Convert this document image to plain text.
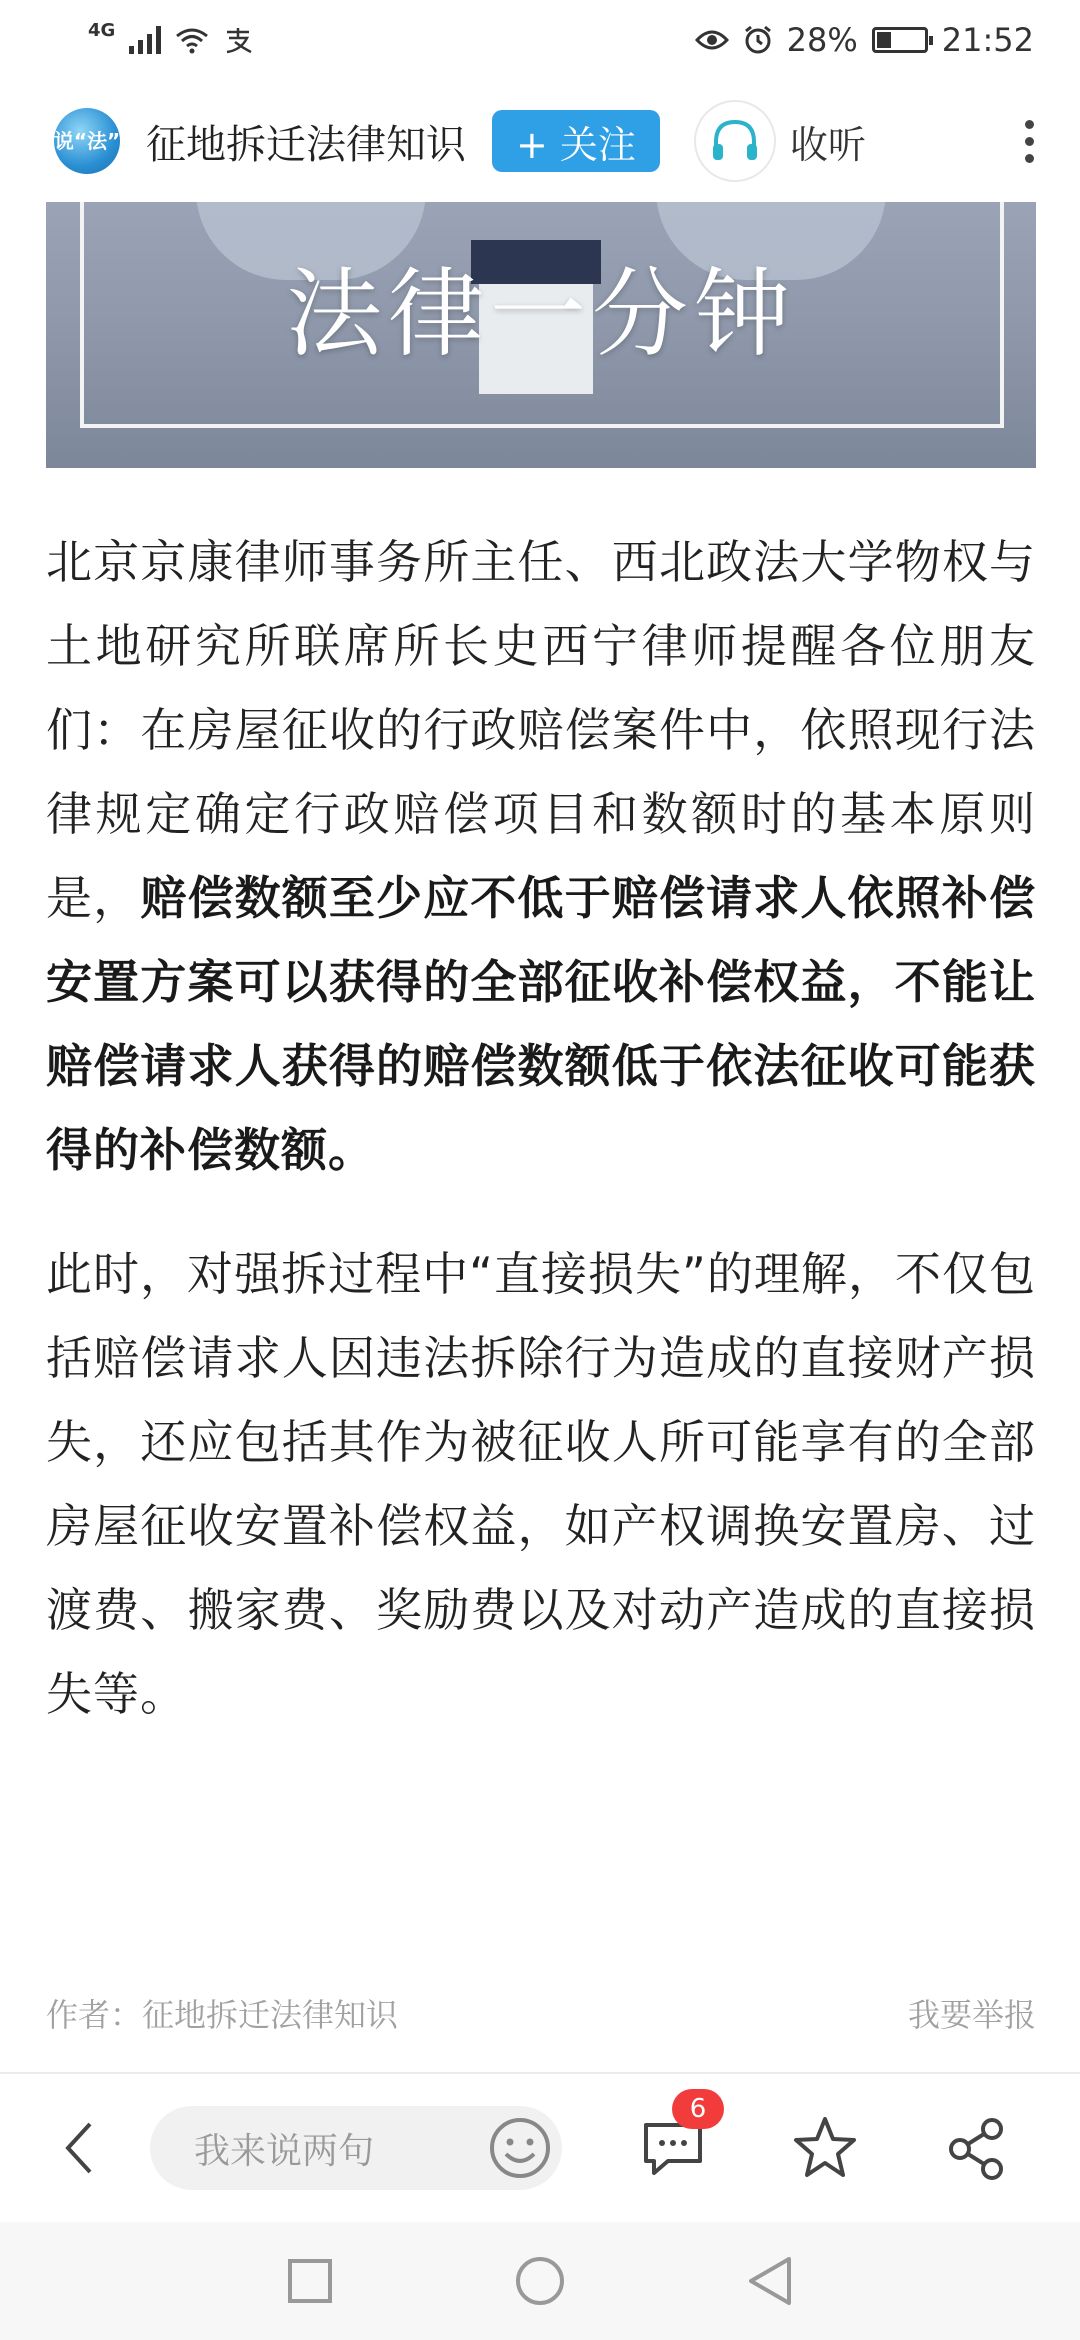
4G	28%	21:52
说“法” 征地拆迁法律知识	+ 关注	收听
法律一分钟

北京京康律师事务所主任、西北政法大学物权与土地研究所联席所长史西宁律师提醒各位朋友们：在房屋征收的行政赔偿案件中，依照现行法律规定确定行政赔偿项目和数额时的基本原则是，赔偿数额至少应不低于赔偿请求人依照补偿安置方案可以获得的全部征收补偿权益，不能让赔偿请求人获得的赔偿数额低于依法征收可能获得的补偿数额。

此时，对强拆过程中“直接损失”的理解，不仅包括赔偿请求人因违法拆除行为造成的直接财产损失，还应包括其作为被征收人所可能享有的全部房屋征收安置补偿权益，如产权调换安置房、过渡费、搬家费、奖励费以及对动产造成的直接损失等。

作者：征地拆迁法律知识	我要举报
我来说两句
6
